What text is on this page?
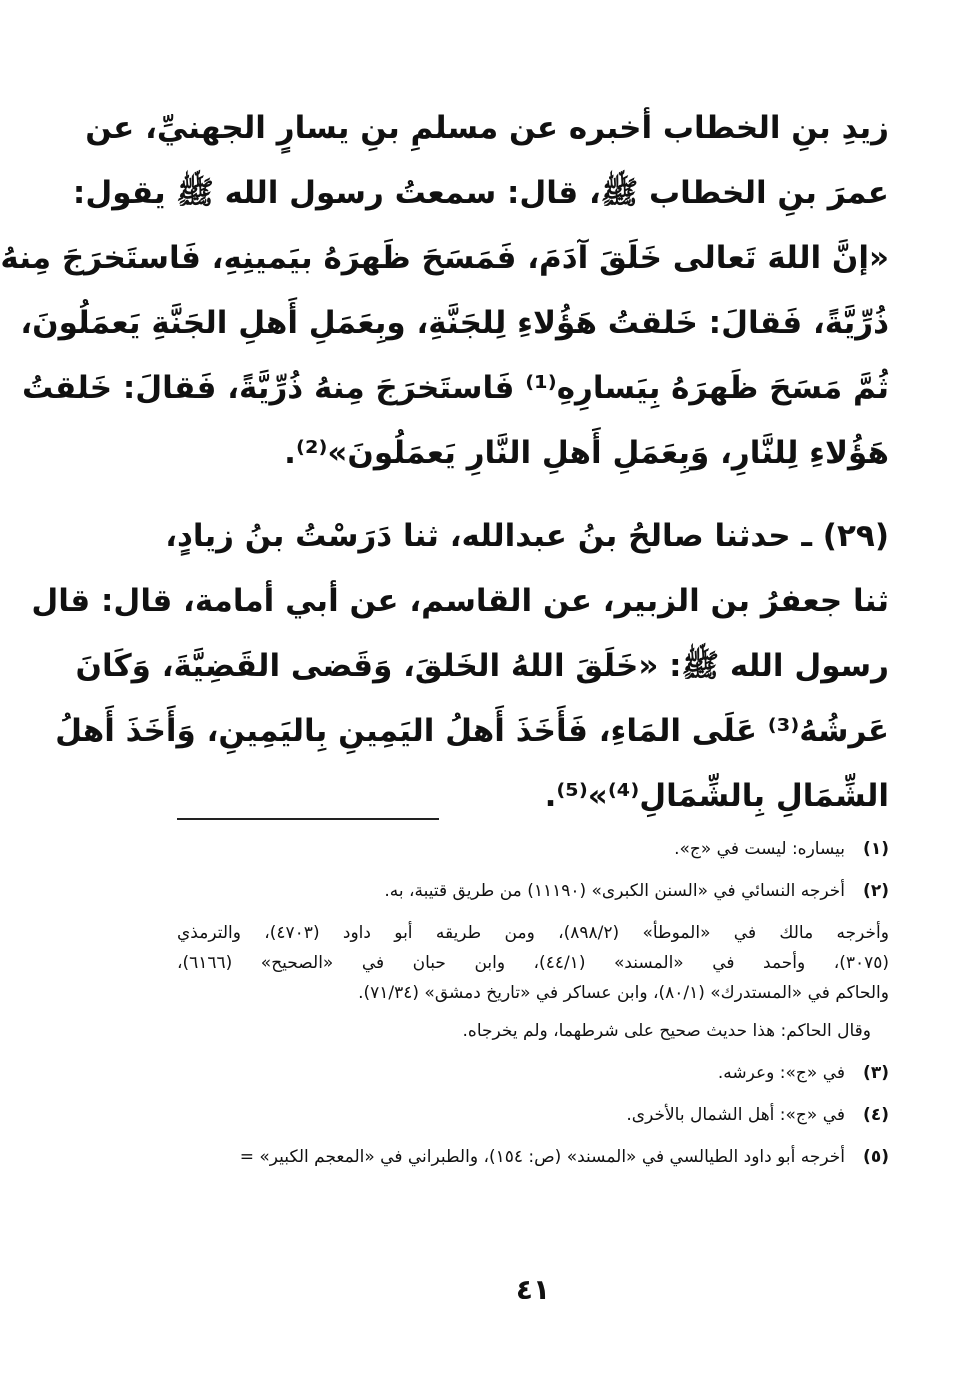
زيدِ بنِ الخطاب أخبره عن مسلمِ بنِ يسارٍ الجهنيِّ، عن
عمرَ بنِ الخطاب ﷺ، قال: سمعتُ رسول الله ﷺ يقول:
«إنَّ اللهَ تَعالى خَلَقَ آدَمَ، فَمَسَحَ ظَهرَهُ بيَمينِهِ، فَاستَخرَجَ مِنهُ
ذُرِّيَّةً، فَقالَ: خَلقتُ هَؤُلاءِ لِلجَنَّةِ، وبِعَمَلِ أَهلِ الجَنَّةِ يَعمَلُونَ،
ثُمَّ مَسَحَ ظَهرَهُ بِيَسارِهِ⁽¹⁾ فَاستَخرَجَ مِنهُ ذُرِّيَّةً، فَقالَ: خَلقتُ
هَؤُلاءِ لِلنَّارِ، وَبِعَمَلِ أَهلِ النَّارِ يَعمَلُونَ»⁽²⁾.
(٢٩) ـ حدثنا صالحُ بنُ عبدالله، ثنا دَرَسْتُ بنُ زيادٍ،
ثنا جعفرُ بن الزبير، عن القاسم، عن أبي أمامة، قال: قال
رسول الله ﷺ: «خَلَقَ اللهُ الخَلقَ، وَقَضى القَضِيَّةَ، وَكَانَ
عَرشُهُ⁽³⁾ عَلَى المَاءِ، فَأَخَذَ أَهلُ اليَمِينِ بِاليَمِينِ، وَأَخَذَ أَهلُ
الشِّمَالِ بِالشِّمَالِ⁽⁴⁾»⁽⁵⁾.
(١)

بيساره: ليست في «ج».

(٢)

أخرجه النسائي في «السنن الكبرى» (١١١٩٠) من طريق قتيبة، به.

وأخرجه مالك في «الموطأ» (٨٩٨/٢)، ومن طريقه أبو داود (٤٧٠٣)، والترمذي

(٣٠٧٥)، وأحمد في «المسند» (٤٤/١)، وابن حبان في «الصحيح» (٦١٦٦)،

والحاكم في «المستدرك» (٨٠/١)، وابن عساكر في «تاريخ دمشق» (٧١/٣٤).

وقال الحاكم: هذا حديث صحيح على شرطهما، ولم يخرجاه.

(٣)

في «ج»: وعرشه.

(٤)

في «ج»: أهل الشمال بالأخرى.

(٥)

أخرجه أبو داود الطيالسي في «المسند» (ص: ١٥٤)، والطبراني في «المعجم الكبير» =

٤١
